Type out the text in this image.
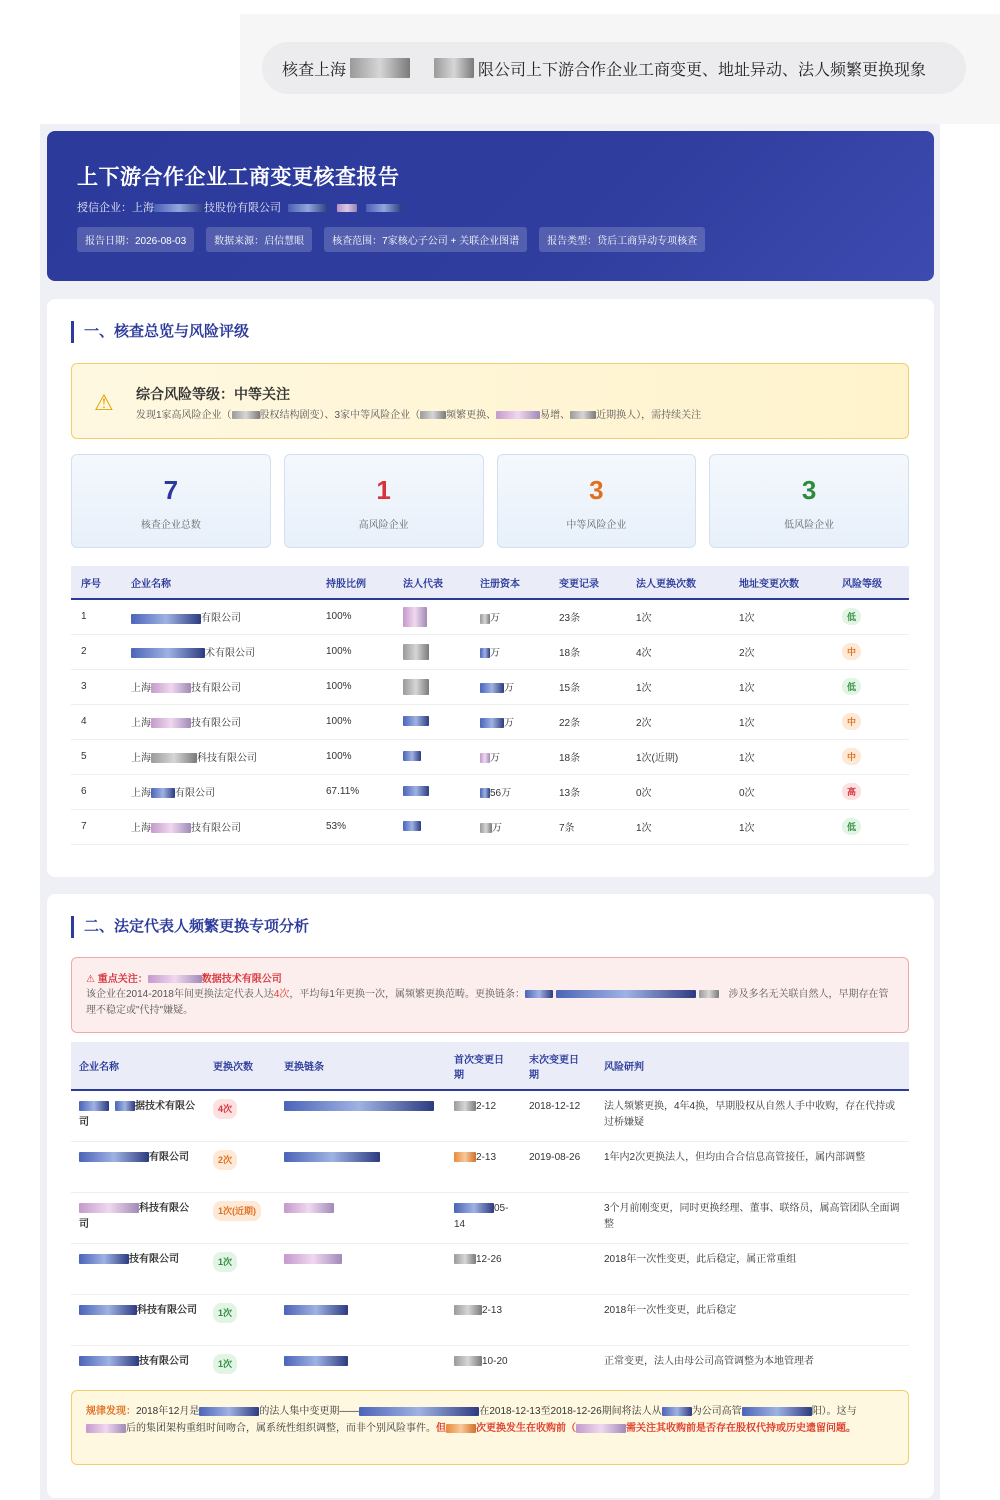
核查上海	限公司上下游合作企业工商变更、地址异动、法人频繁更换现象
上下游合作企业工商变更核查报告
授信企业：上海	技股份有限公司
报告日期：2026-08-03	数据来源：启信慧眼	核查范围：7家核心子公司 + 关联企业图谱	报告类型：贷后工商异动专项核查
一、核查总览与风险评级
⚠ 综合风险等级：中等关注
发现1家高风险企业（	股权结构剧变）、3家中等风险企业（	频繁更换、	易增、	近期换人），需持续关注
7
核查企业总数
1
高风险企业
3
中等风险企业
3
低风险企业
序号	企业名称	持股比例	法人代表	注册资本	变更记录	法人更换次数	地址变更次数	风险等级
1	有限公司	100%		万	23条	1次	1次	低
2	术有限公司	100%		万	18条	4次	2次	中
3	上海 技有限公司	100%		万	15条	1次	1次	低
4	上海 技有限公司	100%		万	22条	2次	1次	中
5	上海 科技有限公司	100%		万	18条	1次(近期)	1次	中
6	上海 有限公司	67.11%		56万	13条	0次	0次	高
7	上海 技有限公司	53%		万	7条	1次	1次	低
二、法定代表人频繁更换专项分析
⚠ 重点关注：	数据技术有限公司
该企业在2014-2018年间更换法定代表人达4次，平均每1年更换一次，属频繁更换范畴。更换链条：  　	涉及多名无关联自然人，早期存在管理不稳定或"代持"嫌疑。
企业名称	更换次数	更换链条	首次变更日期	末次变更日期	风险研判
据技术有限公司	4次		2-12	2018-12-12	法人频繁更换，4年4换，早期股权从自然人手中收购，存在代持或过桥嫌疑
有限公司	2次		2-13	2019-08-26	1年内2次更换法人，但均由合合信息高管接任，属内部调整
科技有限公司	1次(近期)		05-14		3个月前刚变更，同时更换经理、董事、联络员，属高管团队全面调整
技有限公司	1次		12-26		2018年一次性变更，此后稳定，属正常重组
科技有限公司	1次		2-13		2018年一次性变更，此后稳定
技有限公司	1次		10-20		正常变更，法人由母公司高管调整为本地管理者
规律发现：2018年12月是	的法人集中变更期——	在2018-12-13至2018-12-26期间将法人从	为公司高管	阳）。这与后的集团架构重组时间吻合，属系统性组织调整，而非个别风险事件。但	次更换发生在收购前（	需关注其收购前是否存在股权代持或历史遗留问题。
